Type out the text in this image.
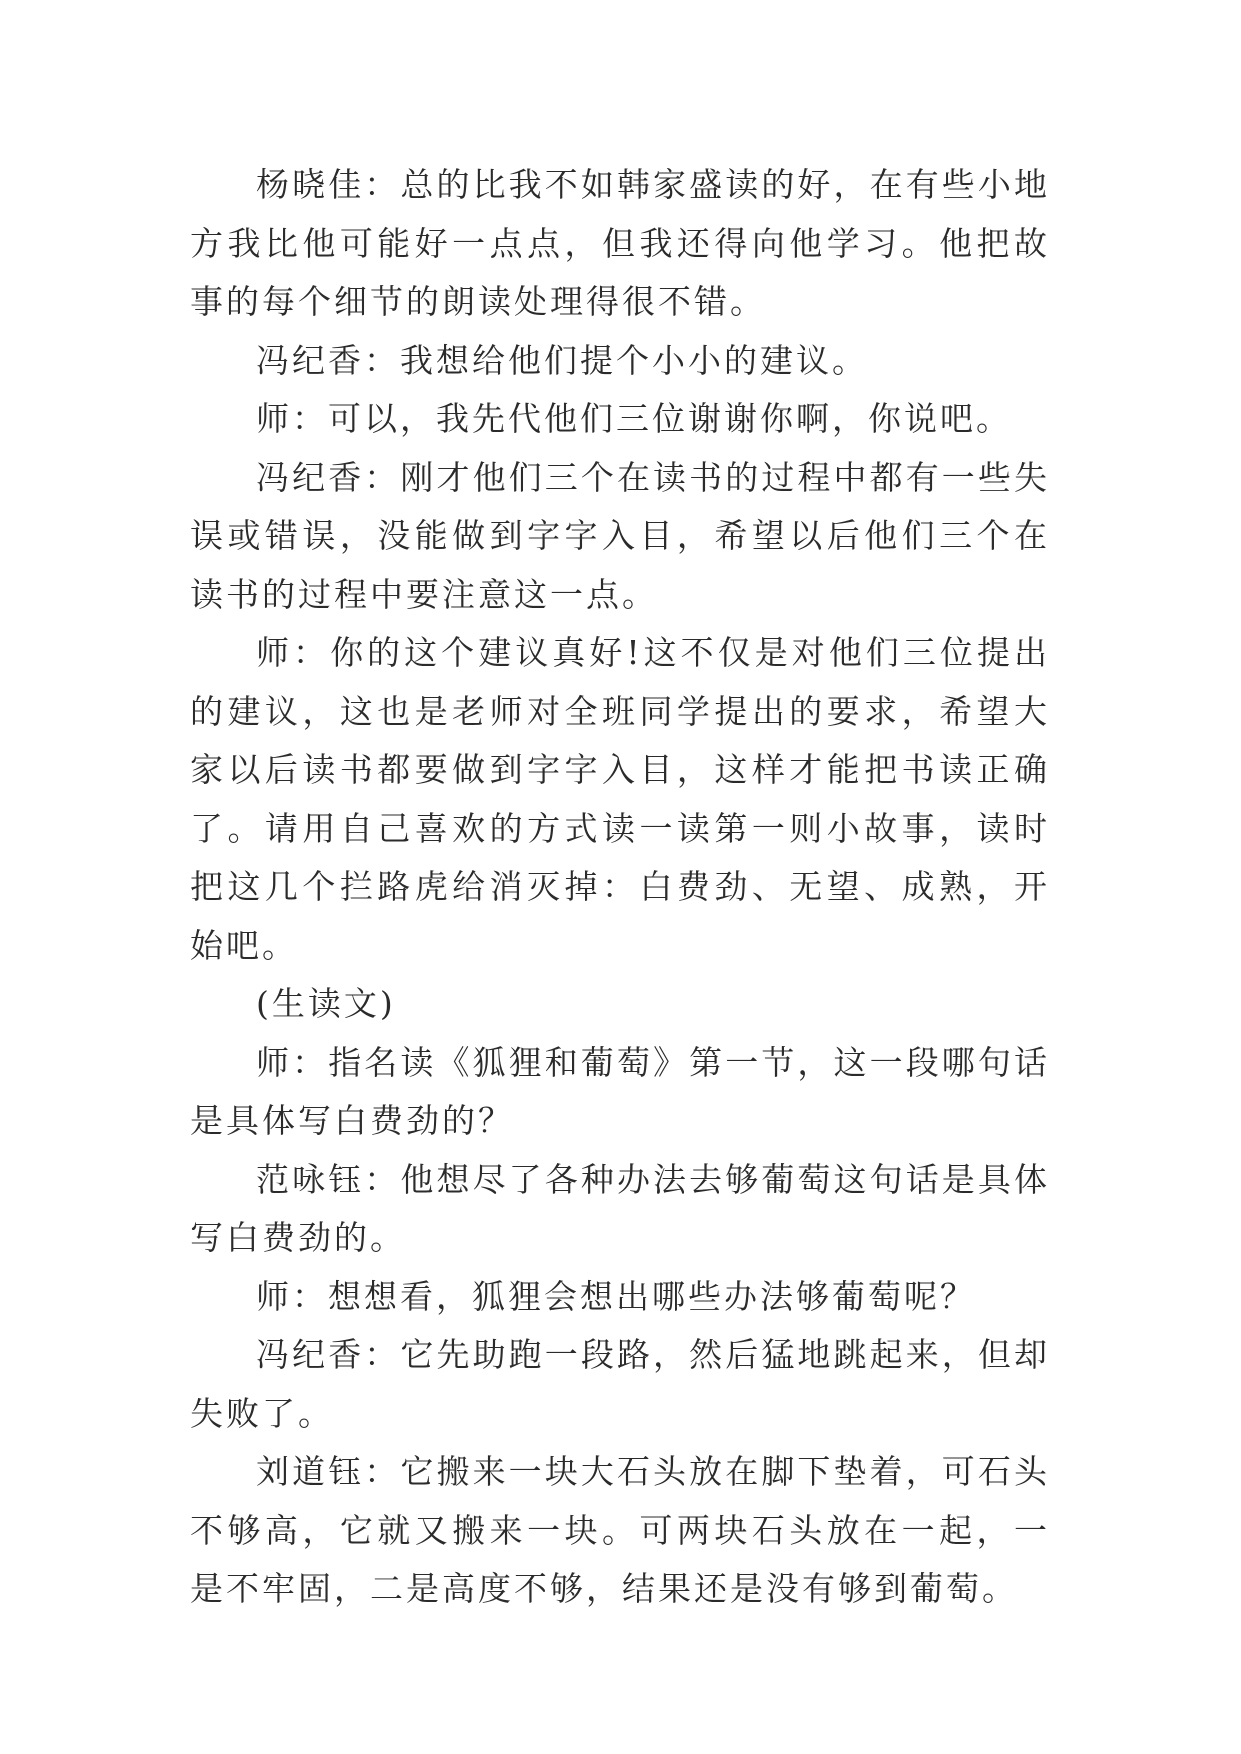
杨晓佳：总的比我不如韩家盛读的好，在有些小地方我比他可能好一点点，但我还得向他学习。他把故事的每个细节的朗读处理得很不错。

冯纪香：我想给他们提个小小的建议。

师：可以，我先代他们三位谢谢你啊，你说吧。

冯纪香：刚才他们三个在读书的过程中都有一些失误或错误，没能做到字字入目，希望以后他们三个在读书的过程中要注意这一点。

师：你的这个建议真好!这不仅是对他们三位提出的建议，这也是老师对全班同学提出的要求，希望大家以后读书都要做到字字入目，这样才能把书读正确了。请用自己喜欢的方式读一读第一则小故事，读时把这几个拦路虎给消灭掉：白费劲、无望、成熟，开始吧。

(生读文)

师：指名读《狐狸和葡萄》第一节，这一段哪句话是具体写白费劲的？

范咏钰：他想尽了各种办法去够葡萄这句话是具体写白费劲的。

师：想想看，狐狸会想出哪些办法够葡萄呢？

冯纪香：它先助跑一段路，然后猛地跳起来，但却失败了。

刘道钰：它搬来一块大石头放在脚下垫着，可石头不够高，它就又搬来一块。可两块石头放在一起，一是不牢固，二是高度不够，结果还是没有够到葡萄。
